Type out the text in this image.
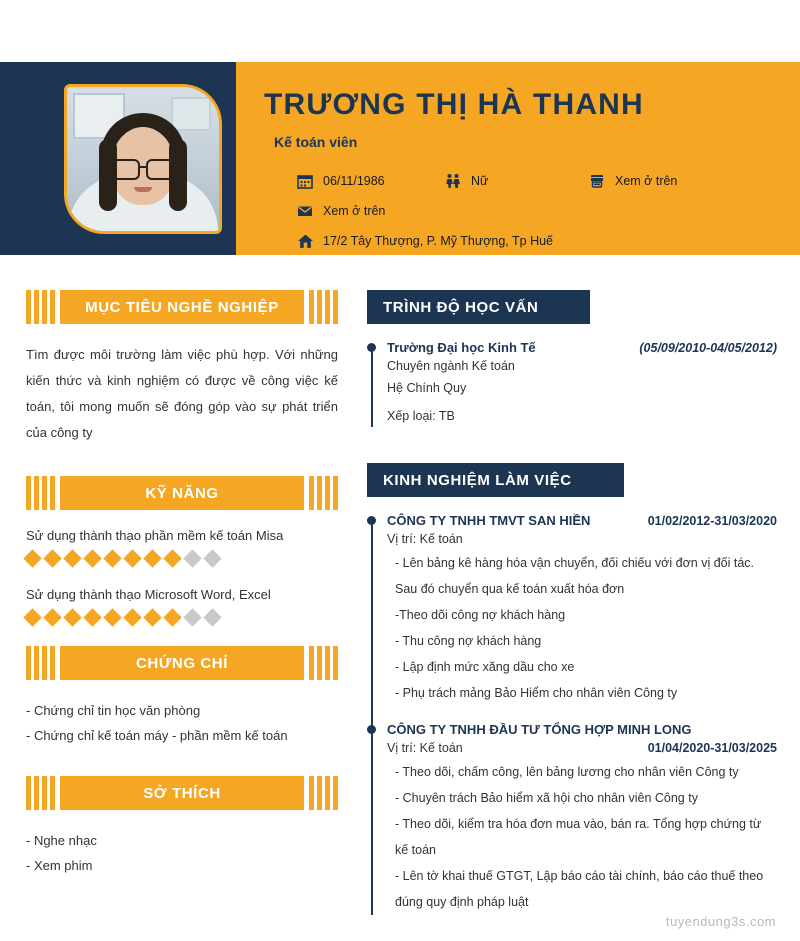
TRƯƠNG THỊ HÀ THANH
Kế toán viên
06/11/1986	Nữ	Xem ở trên
Xem ở trên
17/2 Tây Thượng, P. Mỹ Thượng, Tp Huế
MỤC TIÊU NGHỀ NGHIỆP
Tìm được môi trường làm việc phù hợp. Với những kiến thức và kinh nghiệm có được về công việc kế toán, tôi mong muốn sẽ đóng góp vào sự phát triển của công ty
KỸ NĂNG
Sử dụng thành thạo phần mềm kế toán Misa
Sử dụng thành thạo Microsoft Word, Excel
CHỨNG CHỈ
- Chứng chỉ tin học văn phòng
- Chứng chỉ kế toán máy - phần mềm kế toán
SỞ THÍCH
- Nghe nhạc
- Xem phim
TRÌNH ĐỘ HỌC VẤN
Trường Đại học Kinh Tế	(05/09/2010-04/05/2012)
Chuyên ngành Kế toán
Hệ Chính Quy
Xếp loại: TB
KINH NGHIỆM LÀM VIỆC
CÔNG TY TNHH TMVT SAN HIỀN	01/02/2012-31/03/2020
Vị trí: Kế toán
- Lên bảng kê hàng hóa vận chuyển, đối chiếu với đơn vị đối tác. Sau đó chuyển qua kế toán xuất hóa đơn
-Theo dõi công nợ khách hàng
- Thu công nợ khách hàng
- Lập định mức xăng dầu cho xe
- Phụ trách mảng Bảo Hiểm cho nhân viên Công ty
CÔNG TY TNHH ĐẦU TƯ TỔNG HỢP MINH LONG
Vị trí: Kế toán	01/04/2020-31/03/2025
- Theo dõi, chấm công, lên bảng lương cho nhân viên Công ty
- Chuyên trách Bảo hiểm xã hội cho nhân viên Công ty
- Theo dõi, kiểm tra hóa đơn mua vào, bán ra. Tổng hợp chứng từ kế toán
- Lên tờ khai thuế GTGT, Lập báo cáo tài chính, báo cáo thuế theo đúng quy định pháp luật
tuyendung3s.com
